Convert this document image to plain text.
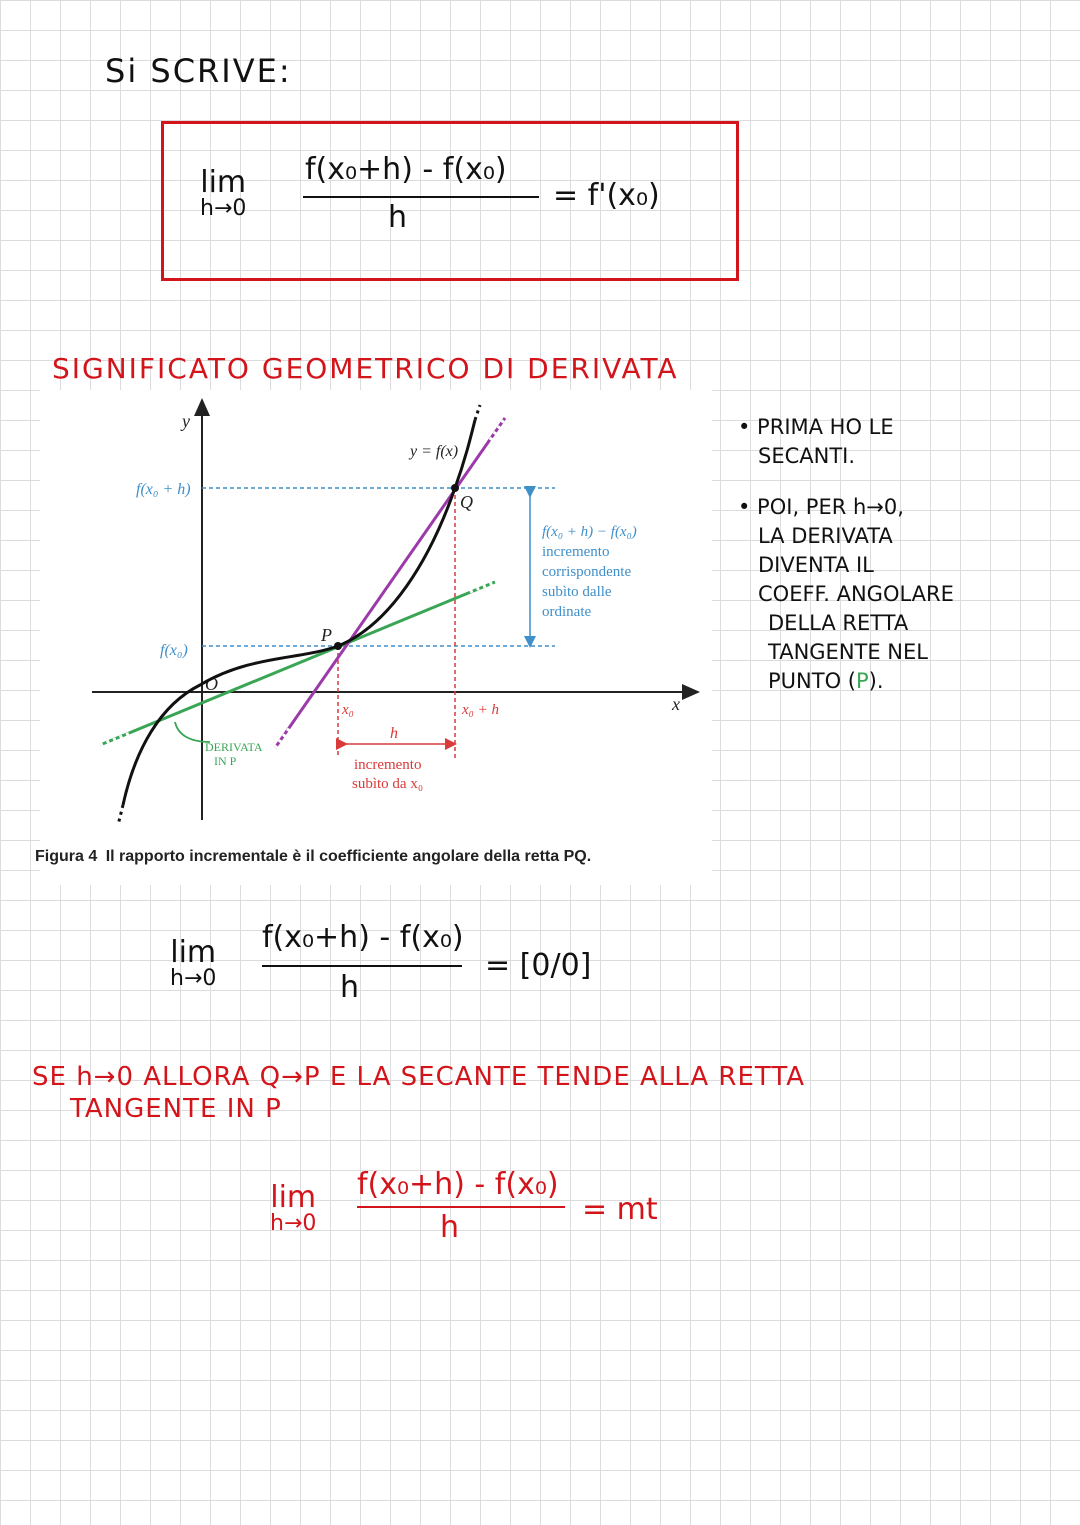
Si SCRIVE:
lim
h→0
f(x₀+h) - f(x₀)
h
= f'(x₀)
SIGNIFICATO GEOMETRICO DI DERIVATA
y
x
O
f(x₀ + h)
f(x₀)
f(x₀ + h) − f(x₀)
incremento
corrispondente
subìto dalle
ordinate
x₀	x₀ + h
h
incremento
subìto da x₀
y = f(x)
P
Q
DERIVATA
IN P
Figura 4 Il rapporto incrementale è il coefficiente angolare della retta PQ.
• PRIMA HO LE
SECANTI.
• POI, PER h→0,
LA DERIVATA
DIVENTA IL
COEFF. ANGOLARE
DELLA RETTA
TANGENTE NEL
PUNTO (P).
lim
h→0
f(x₀+h) - f(x₀)
h
= [0/0]
SE h→0 ALLORA Q→P E LA SECANTE TENDE ALLA RETTA
TANGENTE IN P
lim
h→0
f(x₀+h) - f(x₀)
h
= mt
